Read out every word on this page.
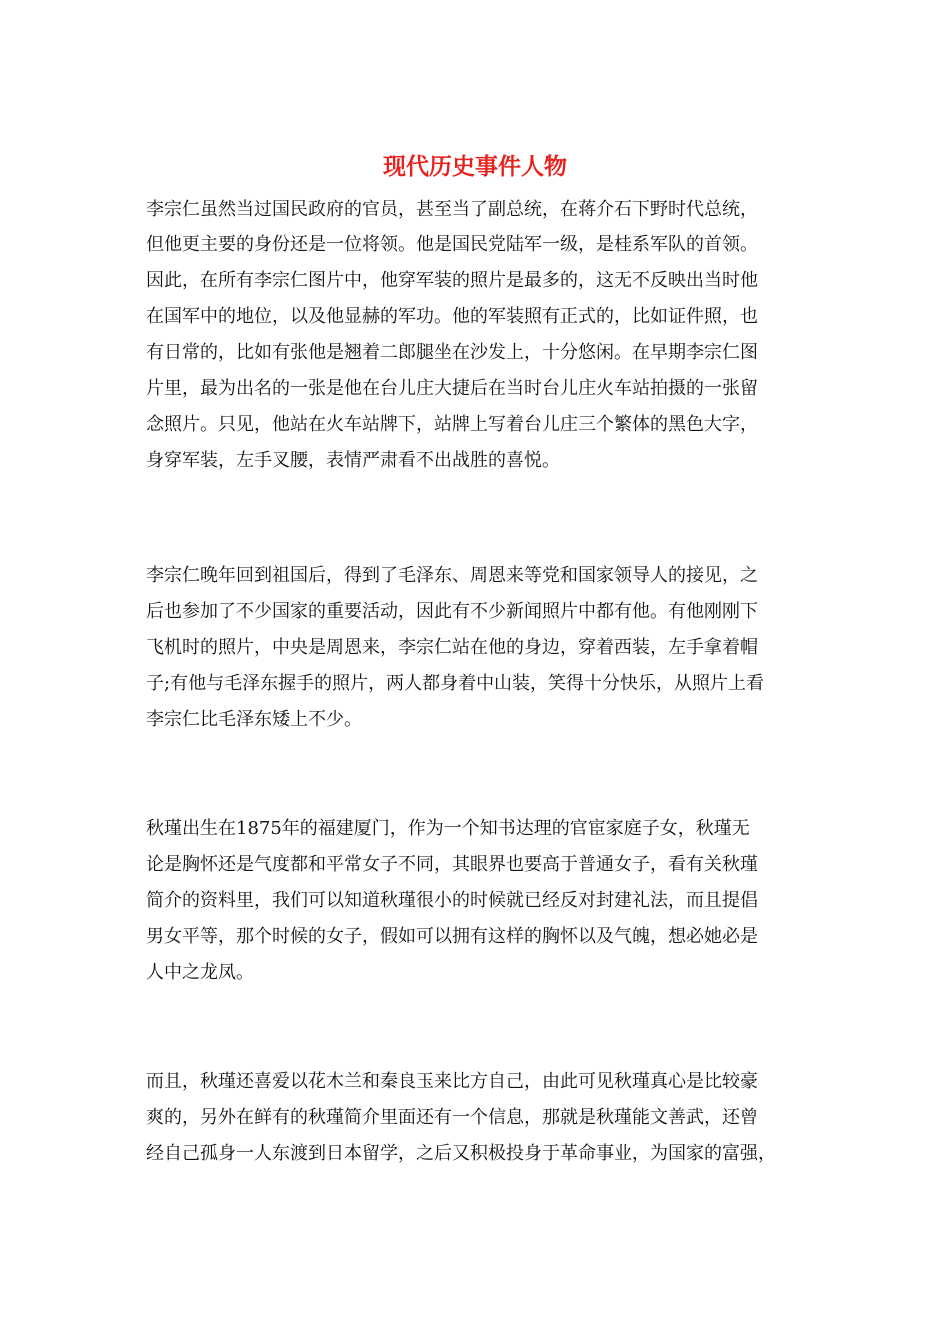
现代历史事件人物

李宗仁虽然当过国民政府的官员，甚至当了副总统，在蒋介石下野时代总统，

但他更主要的身份还是一位将领。他是国民党陆军一级，是桂系军队的首领。

因此，在所有李宗仁图片中，他穿军装的照片是最多的，这无不反映出当时他

在国军中的地位，以及他显赫的军功。他的军装照有正式的，比如证件照，也

有日常的，比如有张他是翘着二郎腿坐在沙发上，十分悠闲。在早期李宗仁图

片里，最为出名的一张是他在台儿庄大捷后在当时台儿庄火车站拍摄的一张留

念照片。只见，他站在火车站牌下，站牌上写着台儿庄三个繁体的黑色大字，

身穿军装，左手叉腰，表情严肃看不出战胜的喜悦。

李宗仁晚年回到祖国后，得到了毛泽东、周恩来等党和国家领导人的接见，之

后也参加了不少国家的重要活动，因此有不少新闻照片中都有他。有他刚刚下

飞机时的照片，中央是周恩来，李宗仁站在他的身边，穿着西装，左手拿着帽

子;有他与毛泽东握手的照片，两人都身着中山装，笑得十分快乐，从照片上看

李宗仁比毛泽东矮上不少。

秋瑾出生在1875年的福建厦门，作为一个知书达理的官宦家庭子女，秋瑾无

论是胸怀还是气度都和平常女子不同，其眼界也要高于普通女子，看有关秋瑾

简介的资料里，我们可以知道秋瑾很小的时候就已经反对封建礼法，而且提倡

男女平等，那个时候的女子，假如可以拥有这样的胸怀以及气魄，想必她必是

人中之龙凤。

而且，秋瑾还喜爱以花木兰和秦良玉来比方自己，由此可见秋瑾真心是比较豪

爽的，另外在鲜有的秋瑾简介里面还有一个信息，那就是秋瑾能文善武，还曾

经自己孤身一人东渡到日本留学，之后又积极投身于革命事业，为国家的富强，
